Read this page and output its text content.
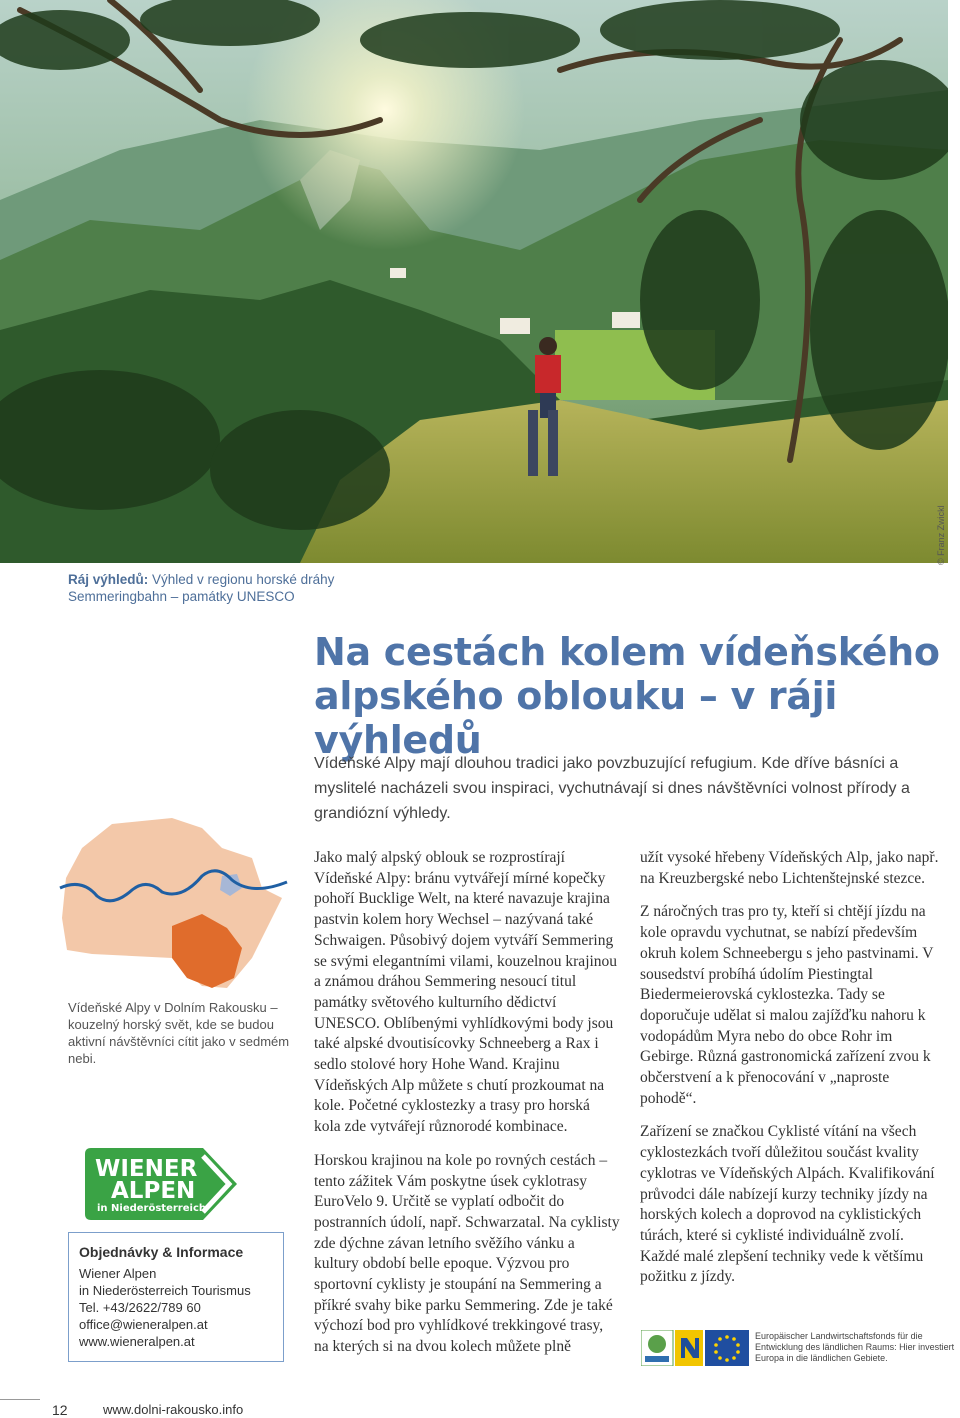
© Franz Zwickl
Ráj výhledů: Výhled v regionu horské dráhy Semmeringbahn – památky UNESCO
Na cestách kolem vídeňského
alpského oblouku – v ráji výhledů
Vídeňské Alpy mají dlouhou tradici jako povzbuzující refugium. Kde dříve básníci a myslitelé nacházeli svou inspiraci, vychutnávají si dnes návštěvníci volnost přírody a grandiózní výhledy.
Vídeňské Alpy v Dolním Rakousku – kouzelný horský svět, kde se budou aktivní návštěvníci cítit jako v sedmém nebi.
WIENER
ALPEN
in Niederösterreich
Objednávky & Informace
Wiener Alpen
in Niederösterreich Tourismus
Tel. +43/2622/789 60
office@wieneralpen.at
www.wieneralpen.at

Jako malý alpský oblouk se rozprostírají Vídeňské Alpy: bránu vytvářejí mírné kopečky pohoří Bucklige Welt, na které navazuje krajina pastvin kolem hory Wechsel – nazývaná také Schwaigen. Působivý dojem vytváří Semmering se svými elegantními vilami, kouzelnou krajinou a známou dráhou Semmering nesoucí titul památky světového kulturního dědictví UNESCO. Oblíbenými vyhlídkovými body jsou také alpské dvoutisícovky Schneeberg a Rax i sedlo stolové hory Hohe Wand. Krajinu Vídeňských Alp můžete s chutí prozkoumat na kole. Početné cyklostezky a trasy pro horská kola zde vytvářejí různorodé kombinace.

Horskou krajinou na kole po rovných cestách – tento zážitek Vám poskytne úsek cyklotrasy EuroVelo 9. Určitě se vyplatí odbočit do postranních údolí, např. Schwarzatal. Na cyklisty zde dýchne závan letního svěžího vánku a kultury období belle epoque. Výzvou pro sportovní cyklisty je stoupání na Semmering a příkré svahy bike parku Semmering. Zde je také výchozí bod pro vyhlídkové trekkingové trasy, na kterých si na dvou kolech můžete plně

užít vysoké hřebeny Vídeňských Alp, jako např. na Kreuzbergské nebo Lichtenštejnské stezce.

Z náročných tras pro ty, kteří si chtějí jízdu na kole opravdu vychutnat, se nabízí především okruh kolem Schneebergu s jeho pastvinami. V sousedství probíhá údolím Piestingtal Biedermeierovská cyklostezka. Tady se doporučuje udělat si malou zajížďku nahoru k vodopádům Myra nebo do obce Rohr im Gebirge. Různá gastronomická zařízení zvou k občerstvení a k přenocování v „naproste pohodě“.

Zařízení se značkou Cyklisté vítání na všech cyklostezkách tvoří důležitou součást kvality cyklotras ve Vídeňských Alpách. Kvalifikování průvodci dále nabízejí kurzy techniky jízdy na horských kolech a doprovod na cyklistických túrách, které si cyklisté individuálně zvolí. Každé malé zlepšení techniky vede k většímu požitku z jízdy.

Europäischer Landwirtschaftsfonds für die Entwicklung des ländlichen Raums: Hier investiert Europa in die ländlichen Gebiete.
12	www.dolni-rakousko.info
